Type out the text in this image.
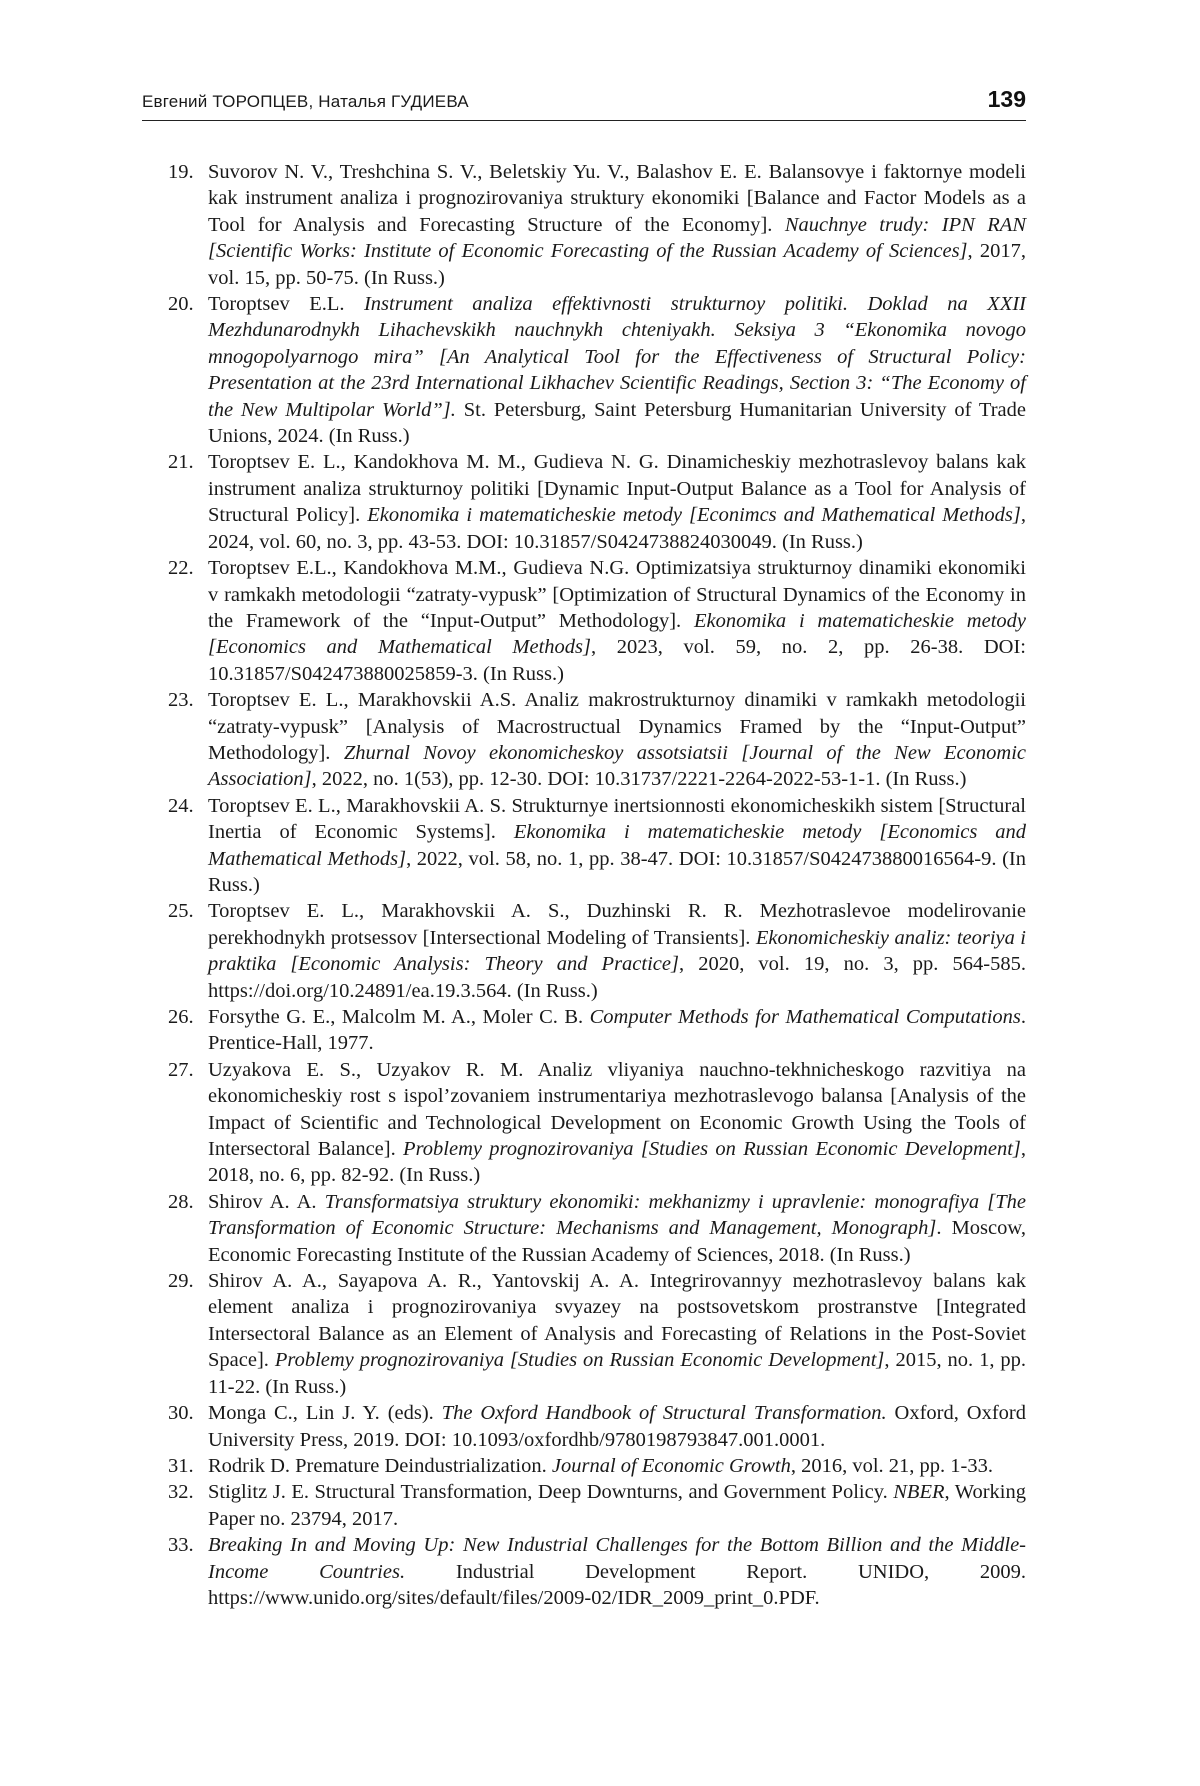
Евгений ТОРОПЦЕВ, Наталья ГУДИЕВА	139
19. Suvorov N. V., Treshchina S. V., Beletskiy Yu. V., Balashov E. E. Balansovye i faktornye modeli kak instrument analiza i prognozirovaniya struktury ekonomiki [Balance and Factor Models as a Tool for Analysis and Forecasting Structure of the Economy]. Nauchnye trudy: IPN RAN [Scientific Works: Institute of Economic Forecasting of the Russian Academy of Sciences], 2017, vol. 15, pp. 50-75. (In Russ.)
20. Toroptsev E.L. Instrument analiza effektivnosti strukturnoy politiki. Doklad na XXII Mezhdunarodnykh Lihachevskikh nauchnykh chteniyakh. Seksiya 3 “Ekonomika novogo mnogopolyarnogo mira” [An Analytical Tool for the Effectiveness of Structural Policy: Presentation at the 23rd International Likhachev Scientific Readings, Section 3: “The Economy of the New Multipolar World”]. St. Petersburg, Saint Petersburg Humanitarian University of Trade Unions, 2024. (In Russ.)
21. Toroptsev E. L., Kandokhova M. M., Gudieva N. G. Dinamicheskiy mezhotraslevoy balans kak instrument analiza strukturnoy politiki [Dynamic Input-Output Balance as a Tool for Analysis of Structural Policy]. Ekonomika i matematicheskie metody [Econimcs and Mathematical Methods], 2024, vol. 60, no. 3, pp. 43-53. DOI: 10.31857/S0424738824030049. (In Russ.)
22. Toroptsev E.L., Kandokhova M.M., Gudieva N.G. Optimizatsiya strukturnoy dinamiki ekonomiki v ramkakh metodologii “zatraty-vypusk” [Optimization of Structural Dynamics of the Economy in the Framework of the “Input-Output” Methodology]. Ekonomika i matematicheskie metody [Economics and Mathematical Methods], 2023, vol. 59, no. 2, pp. 26-38. DOI: 10.31857/S042473880025859-3. (In Russ.)
23. Toroptsev E. L., Marakhovskii A.S. Analiz makrostrukturnoy dinamiki v ramkakh metodologii “zatraty-vypusk” [Analysis of Macrostructual Dynamics Framed by the “Input-Output” Methodology]. Zhurnal Novoy ekonomicheskoy assotsiatsii [Journal of the New Economic Association], 2022, no. 1(53), pp. 12-30. DOI: 10.31737/2221-2264-2022-53-1-1. (In Russ.)
24. Toroptsev E. L., Marakhovskii A. S. Strukturnye inertsionnosti ekonomicheskikh sistem [Structural Inertia of Economic Systems]. Ekonomika i matematicheskie metody [Economics and Mathematical Methods], 2022, vol. 58, no. 1, pp. 38-47. DOI: 10.31857/S042473880016564-9. (In Russ.)
25. Toroptsev E. L., Marakhovskii A. S., Duzhinski R. R. Mezhotraslevoe modelirovanie perekhodnykh protsessov [Intersectional Modeling of Transients]. Ekonomicheskiy analiz: teoriya i praktika [Economic Analysis: Theory and Practice], 2020, vol. 19, no. 3, pp. 564-585. https://doi.org/10.24891/ea.19.3.564. (In Russ.)
26. Forsythe G. E., Malcolm M. A., Moler C. B. Computer Methods for Mathematical Computations. Prentice-Hall, 1977.
27. Uzyakova E. S., Uzyakov R. M. Analiz vliyaniya nauchno-tekhnicheskogo razvitiya na ekonomicheskiy rost s ispol’zovaniem instrumentariya mezhotraslevogo balansa [Analysis of the Impact of Scientific and Technological Development on Economic Growth Using the Tools of Intersectoral Balance]. Problemy prognozirovaniya [Studies on Russian Economic Development], 2018, no. 6, pp. 82-92. (In Russ.)
28. Shirov A. A. Transformatsiya struktury ekonomiki: mekhanizmy i upravlenie: monografiya [The Transformation of Economic Structure: Mechanisms and Management, Monograph]. Moscow, Economic Forecasting Institute of the Russian Academy of Sciences, 2018. (In Russ.)
29. Shirov A. A., Sayapova A. R., Yantovskij A. A. Integrirovannyy mezhotraslevoy balans kak element analiza i prognozirovaniya svyazey na postsovetskom prostranstve [Integrated Intersectoral Balance as an Element of Analysis and Forecasting of Relations in the Post-Soviet Space]. Problemy prognozirovaniya [Studies on Russian Economic Development], 2015, no. 1, pp. 11-22. (In Russ.)
30. Monga C., Lin J. Y. (eds). The Oxford Handbook of Structural Transformation. Oxford, Oxford University Press, 2019. DOI: 10.1093/oxfordhb/9780198793847.001.0001.
31. Rodrik D. Premature Deindustrialization. Journal of Economic Growth, 2016, vol. 21, pp. 1-33.
32. Stiglitz J. E. Structural Transformation, Deep Downturns, and Government Policy. NBER, Working Paper no. 23794, 2017.
33. Breaking In and Moving Up: New Industrial Challenges for the Bottom Billion and the Middle-Income Countries. Industrial Development Report. UNIDO, 2009. https://www.unido.org/sites/default/files/2009-02/IDR_2009_print_0.PDF.
